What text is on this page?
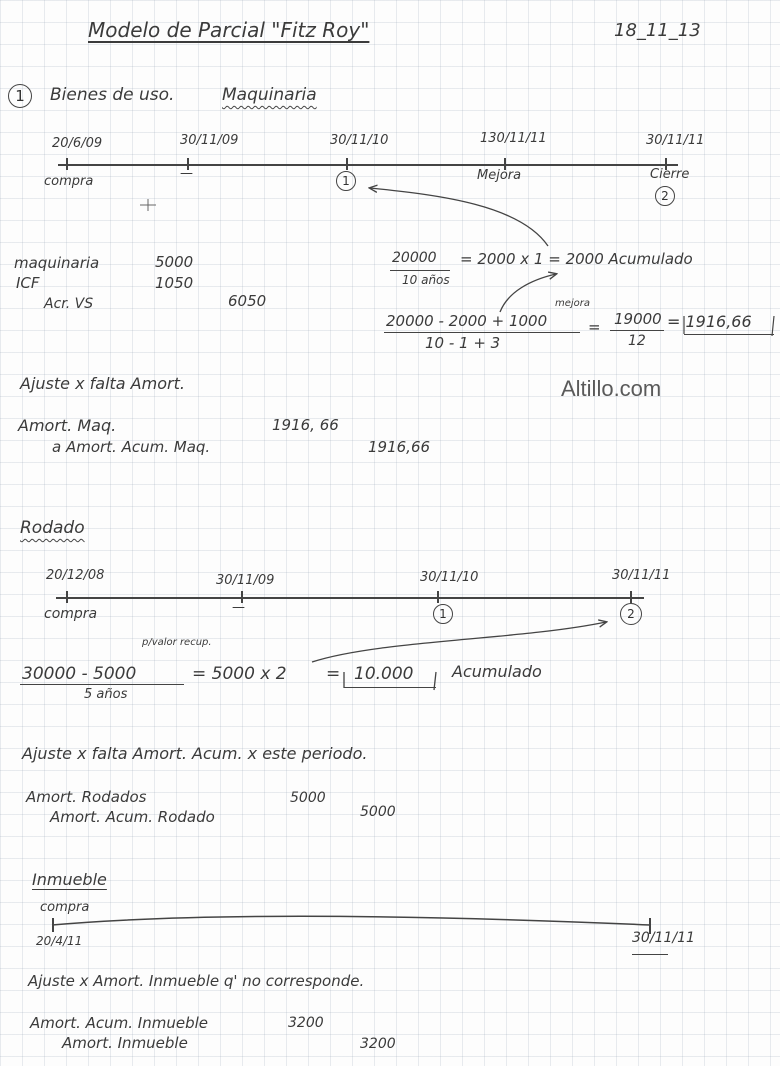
Modelo de Parcial "Fitz Roy"	18_11_13
1	Bienes de uso.	Maquinaria
20/6/09	30/11/09	30/11/10	130/11/11	30/11/11
compra
—	1	Mejora	Cierre
2
20000
10 años
= 2000 x 1 = 2000 Acumulado
mejora
20000 - 2000 + 1000
10 - 1 + 3
= 19000
12
= 1916,66
maquinaria	5000
ICF	1050
Acr. VS	6050
Ajuste x falta Amort.	Altillo.com
Amort. Maq.	1916, 66
a Amort. Acum. Maq.	1916,66
Rodado
20/12/08	30/11/09	30/11/10	30/11/11
compra	—	1	2
p/valor recup.
30000 - 5000
5 años
= 5000 x 2 = 10.000 Acumulado
Ajuste x falta Amort. Acum. x este periodo.
Amort. Rodados	5000
Amort. Acum. Rodado	5000
Inmueble
compra
20/4/11	30/11/11
Ajuste x Amort. Inmueble q' no corresponde.
Amort. Acum. Inmueble	3200
Amort. Inmueble	3200
